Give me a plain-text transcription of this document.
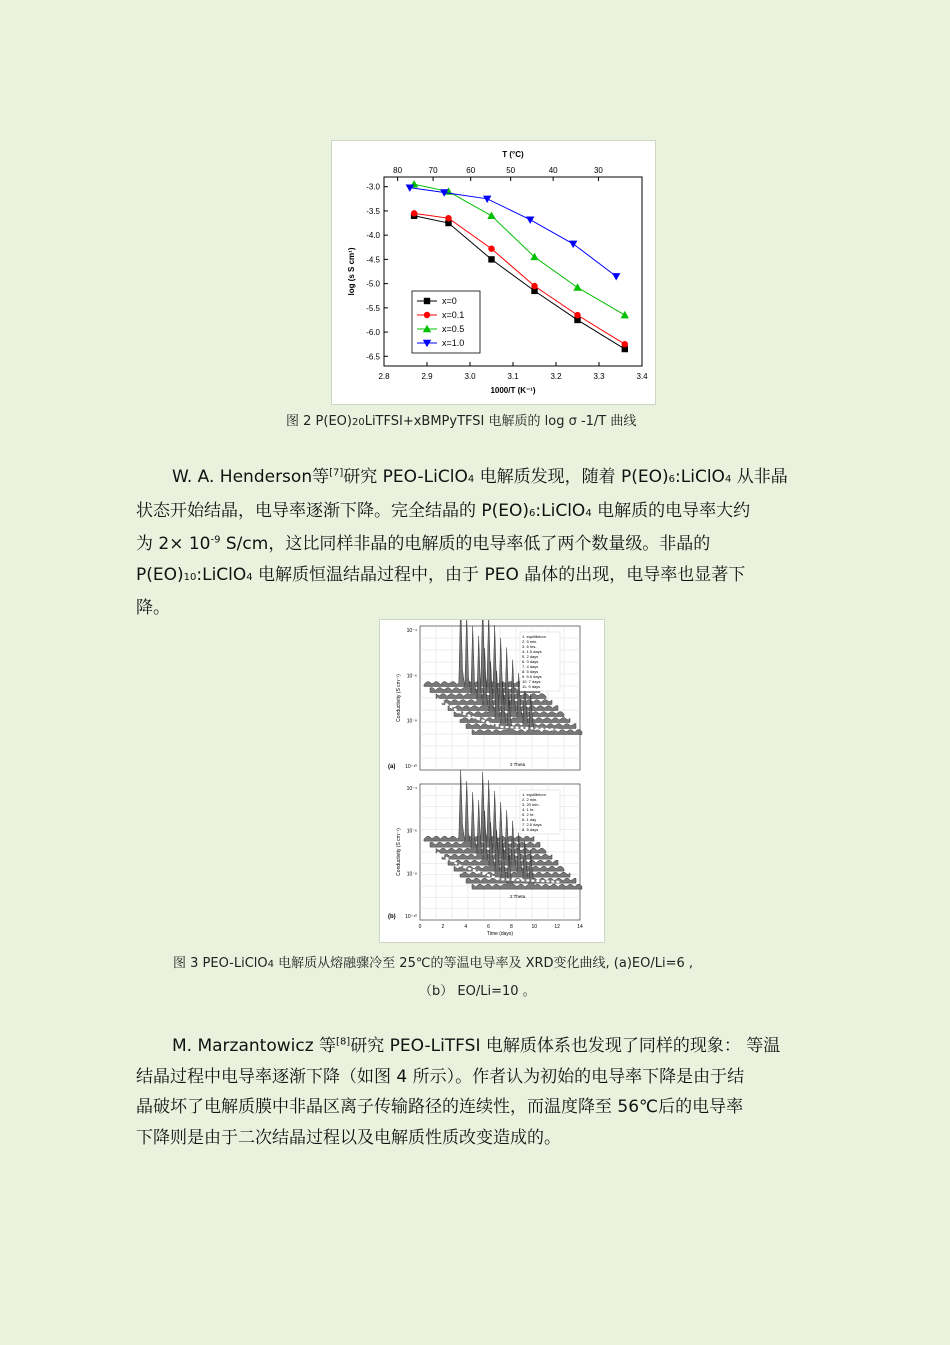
2.8	2.9	3.0	3.1	3.2	3.3	3.4
-3.0
-3.5
-4.0
-4.5
-5.0
-5.5
-6.0
-6.5
80	70	60	50	40	30
T (°C)
1000/T (K⁻¹)
log (s S cm¹)
x=0
x=0.1
x=0.5
x=1.0
图 2 P(EO)20LiTFSI+xBMPyTFSI 电解质的 log σ -1/T 曲线

W. A. Henderson等[7]研究 PEO-LiClO4 电解质发现，随着 P(EO)6:LiClO4 从非晶

状态开始结晶，电导率逐渐下降。完全结晶的 P(EO)6:LiClO4 电解质的电导率大约

为 $2\times 10^{-9}$ S/cm，这比同样非晶的电解质的电导率低了两个数量级。非晶的

P(EO)10:LiClO4 电解质恒温结晶过程中，由于 PEO 晶体的出现，电导率也显著下

降。

10⁻⁴
10⁻⁶
10⁻⁸
10⁻¹⁰
Conductivity (S cm⁻¹)
(a)
1. equilibrium
2. 5 min.
3. 6 hrs.
4. 1.5 days
5. 2 days
6. 3 days
7. 4 days
8. 5 days
9. 5.5 days
10. 7 days
11. 9 days
2 Theta
10⁻⁴
10⁻⁶
10⁻⁸
10⁻¹⁰
Conductivity (S cm⁻¹)
(b)
1. equilibrium
2. 2 min.
3. 20 min.
4. 1 hr.
5. 2 hr.
6. 1 day
7. 2.5 days
8. 5 days
2 Theta
0	2	4	6	8	10	12	14
Time (days)
图 3 PEO-LiClO4 电解质从熔融骤冷至 25℃的等温电导率及 XRD变化曲线, (a)EO/Li=6 ,
（b） EO/Li=10 。

M. Marzantowicz 等[8]研究 PEO-LiTFSI 电解质体系也发现了同样的现象： 等温

结晶过程中电导率逐渐下降（如图 4 所示）。作者认为初始的电导率下降是由于结

晶破坏了电解质膜中非晶区离子传输路径的连续性，而温度降至 56℃后的电导率

下降则是由于二次结晶过程以及电解质性质改变造成的。
